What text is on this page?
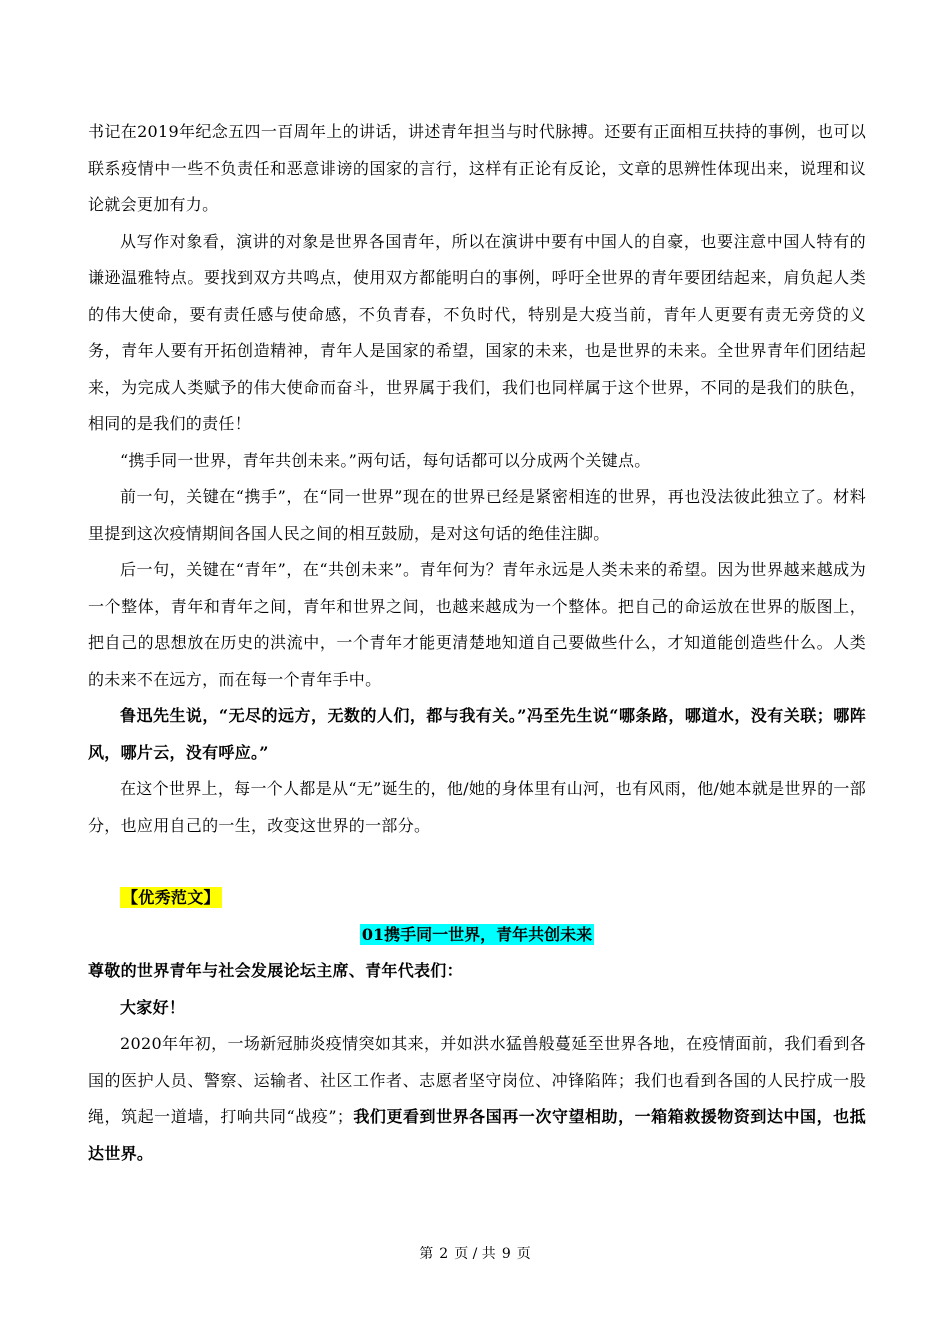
书记在2019年纪念五四一百周年上的讲话，讲述青年担当与时代脉搏。还要有正面相互扶持的事例，也可以联系疫情中一些不负责任和恶意诽谤的国家的言行，这样有正论有反论，文章的思辨性体现出来，说理和议论就会更加有力。

从写作对象看，演讲的对象是世界各国青年，所以在演讲中要有中国人的自豪，也要注意中国人特有的谦逊温雅特点。要找到双方共鸣点，使用双方都能明白的事例，呼吁全世界的青年要团结起来，肩负起人类的伟大使命，要有责任感与使命感，不负青春，不负时代，特别是大疫当前，青年人更要有责无旁贷的义务，青年人要有开拓创造精神，青年人是国家的希望，国家的未来，也是世界的未来。全世界青年们团结起来，为完成人类赋予的伟大使命而奋斗，世界属于我们，我们也同样属于这个世界，不同的是我们的肤色，相同的是我们的责任！

“携手同一世界，青年共创未来。”两句话，每句话都可以分成两个关键点。

前一句，关键在“携手”，在“同一世界”现在的世界已经是紧密相连的世界，再也没法彼此独立了。材料里提到这次疫情期间各国人民之间的相互鼓励，是对这句话的绝佳注脚。

后一句，关键在“青年”，在“共创未来”。青年何为？青年永远是人类未来的希望。因为世界越来越成为一个整体，青年和青年之间，青年和世界之间，也越来越成为一个整体。把自己的命运放在世界的版图上，把自己的思想放在历史的洪流中，一个青年才能更清楚地知道自己要做些什么，才知道能创造些什么。人类的未来不在远方，而在每一个青年手中。

鲁迅先生说，“无尽的远方，无数的人们，都与我有关。”冯至先生说“哪条路，哪道水，没有关联；哪阵风，哪片云，没有呼应。”

在这个世界上，每一个人都是从“无”诞生的，他/她的身体里有山河，也有风雨，他/她本就是世界的一部分，也应用自己的一生，改变这世界的一部分。

【优秀范文】

01携手同一世界，青年共创未来

尊敬的世界青年与社会发展论坛主席、青年代表们：

大家好！

2020年年初，一场新冠肺炎疫情突如其来，并如洪水猛兽般蔓延至世界各地，在疫情面前，我们看到各国的医护人员、警察、运输者、社区工作者、志愿者坚守岗位、冲锋陷阵；我们也看到各国的人民拧成一股绳，筑起一道墙，打响共同“战疫”；我们更看到世界各国再一次守望相助，一箱箱救援物资到达中国，也抵达世界。

第 2 页 / 共 9 页
